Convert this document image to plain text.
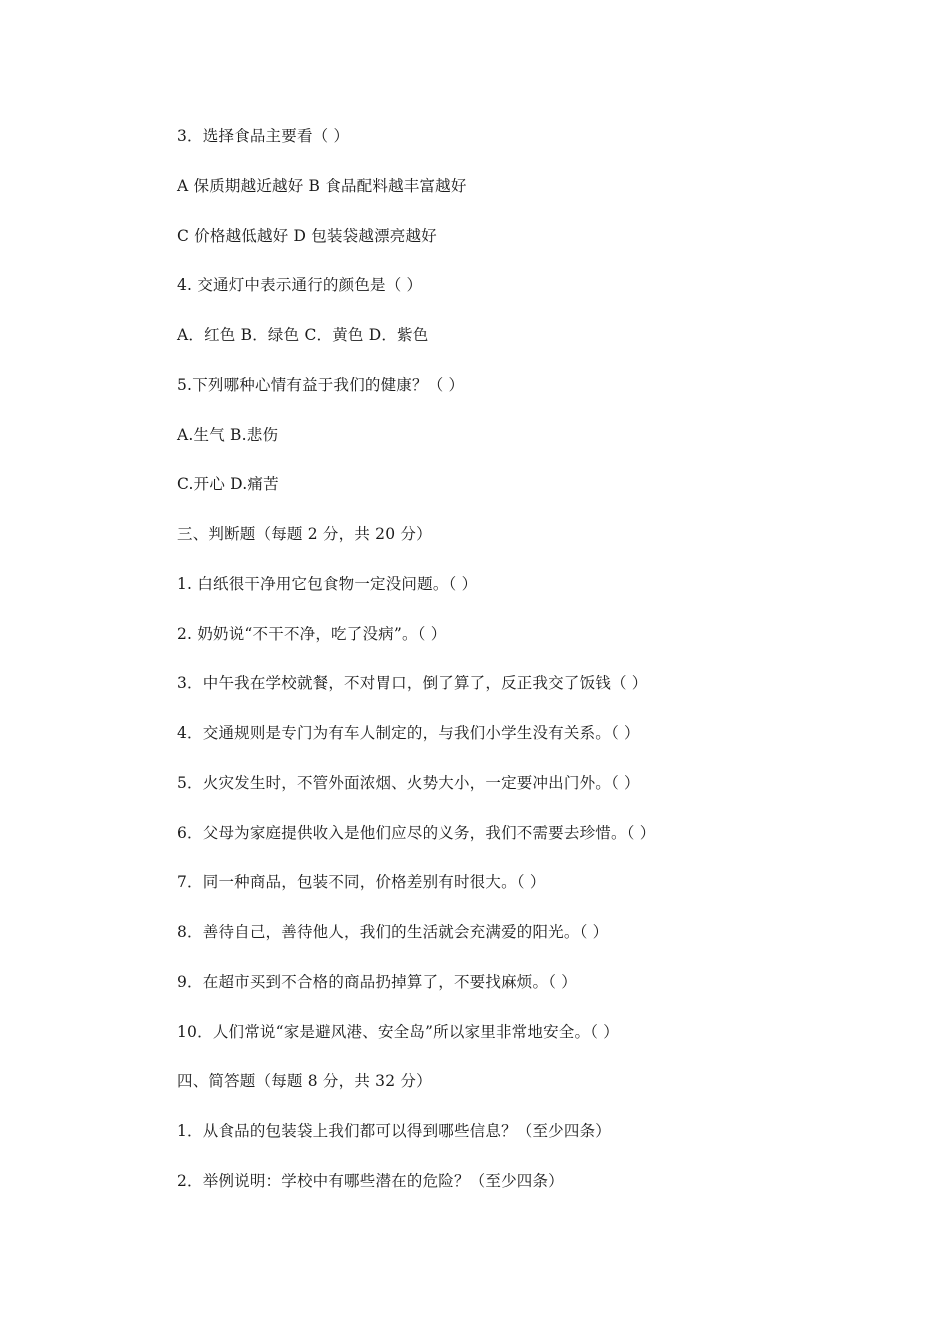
3．选择食品主要看（ ）
A 保质期越近越好 B 食品配料越丰富越好
C 价格越低越好 D 包装袋越漂亮越好
4. 交通灯中表示通行的颜色是（ ）
A．红色 B．绿色 C．黄色 D．紫色
5.下列哪种心情有益于我们的健康？（ ）
A.生气 B.悲伤
C.开心 D.痛苦
三、判断题（每题 2 分，共 20 分）
1. 白纸很干净用它包食物一定没问题。（ ）
2. 奶奶说“不干不净，吃了没病”。（ ）
3．中午我在学校就餐，不对胃口，倒了算了，反正我交了饭钱（ ）
4．交通规则是专门为有车人制定的，与我们小学生没有关系。（ ）
5．火灾发生时，不管外面浓烟、火势大小，一定要冲出门外。（ ）
6．父母为家庭提供收入是他们应尽的义务，我们不需要去珍惜。（ ）
7．同一种商品，包装不同，价格差别有时很大。（ ）
8．善待自己，善待他人，我们的生活就会充满爱的阳光。（ ）
9．在超市买到不合格的商品扔掉算了，不要找麻烦。（ ）
10．人们常说“家是避风港、安全岛”所以家里非常地安全。（ ）
四、简答题（每题 8 分，共 32 分）
1．从食品的包装袋上我们都可以得到哪些信息？（至少四条）
2．举例说明：学校中有哪些潜在的危险？（至少四条）
